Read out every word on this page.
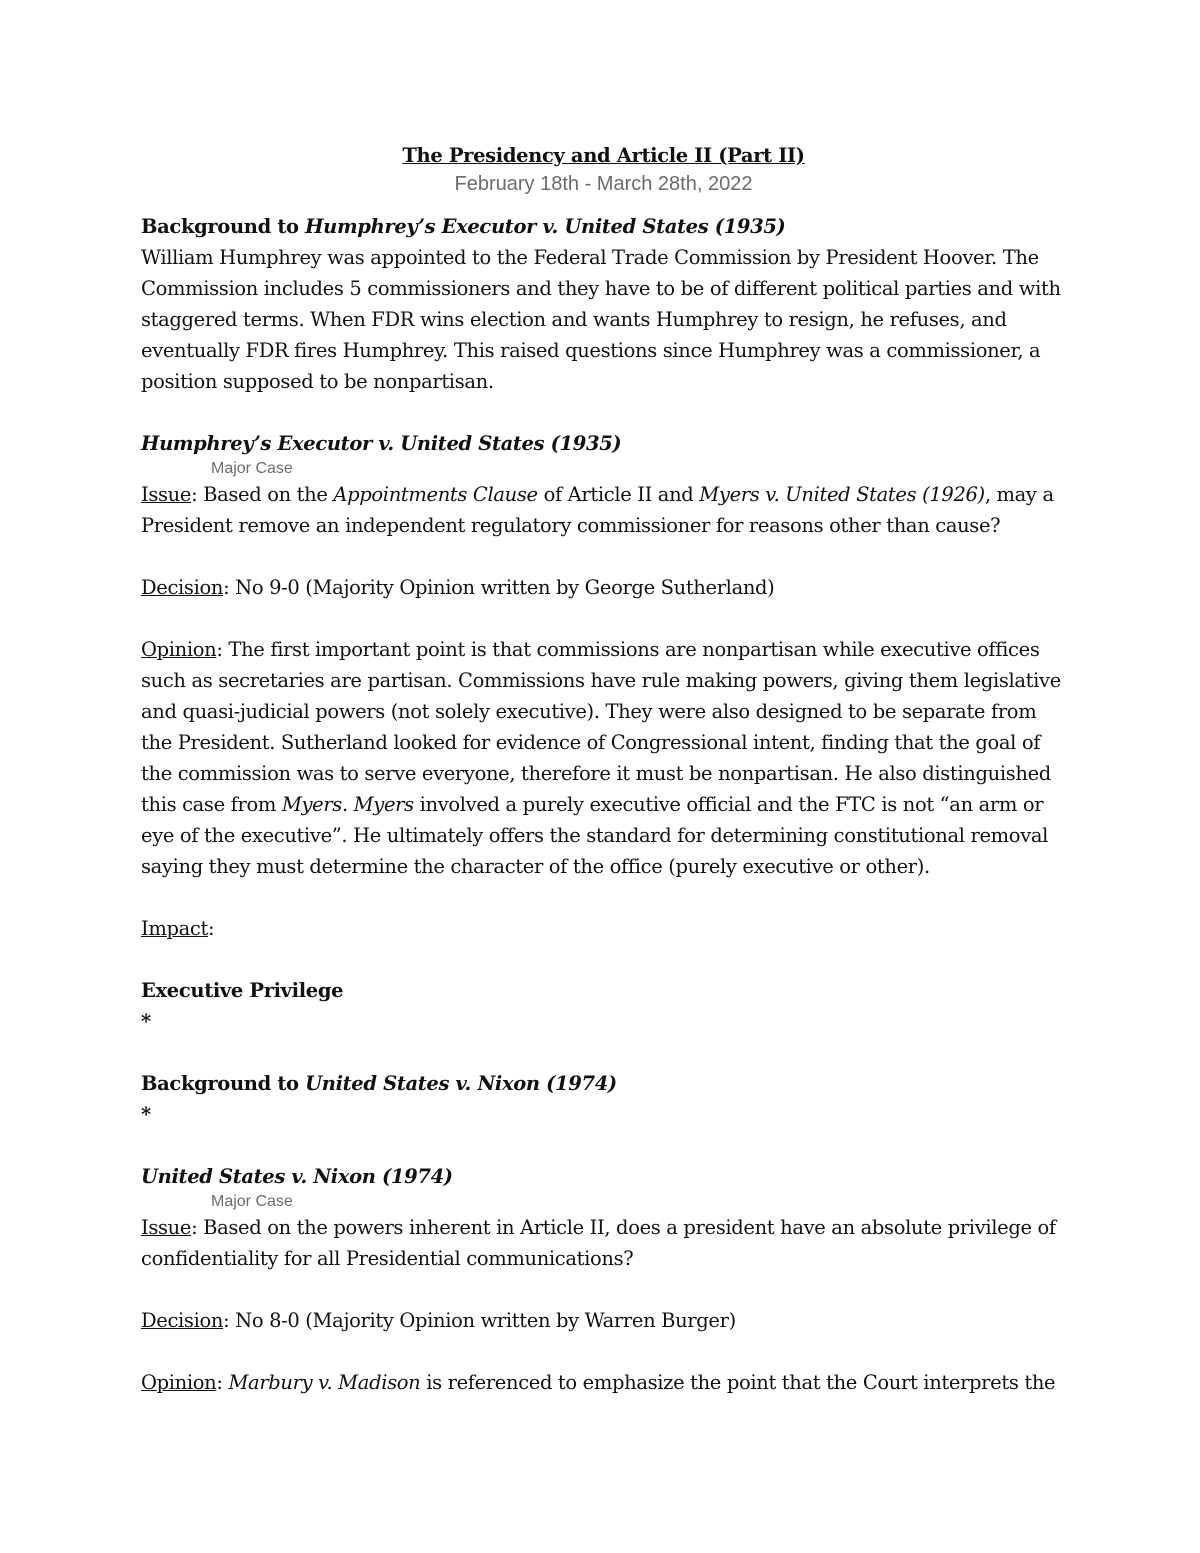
The Presidency and Article II (Part II)
February 18th - March 28th, 2022
Background to Humphrey’s Executor v. United States (1935)

William Humphrey was appointed to the Federal Trade Commission by President Hoover. The Commission includes 5 commissioners and they have to be of different political parties and with staggered terms. When FDR wins election and wants Humphrey to resign, he refuses, and eventually FDR fires Humphrey. This raised questions since Humphrey was a commissioner, a position supposed to be nonpartisan.

Humphrey’s Executor v. United States (1935)
Major Case

Issue: Based on the Appointments Clause of Article II and Myers v. United States (1926), may a President remove an independent regulatory commissioner for reasons other than cause?

Decision: No 9-0 (Majority Opinion written by George Sutherland)

Opinion: The first important point is that commissions are nonpartisan while executive offices such as secretaries are partisan. Commissions have rule making powers, giving them legislative and quasi-judicial powers (not solely executive). They were also designed to be separate from the President. Sutherland looked for evidence of Congressional intent, finding that the goal of the commission was to serve everyone, therefore it must be nonpartisan. He also distinguished this case from Myers. Myers involved a purely executive official and the FTC is not “an arm or eye of the executive”. He ultimately offers the standard for determining constitutional removal saying they must determine the character of the office (purely executive or other).

Impact:

Executive Privilege
*
Background to United States v. Nixon (1974)
*
United States v. Nixon (1974)
Major Case

Issue: Based on the powers inherent in Article II, does a president have an absolute privilege of confidentiality for all Presidential communications?

Decision: No 8-0 (Majority Opinion written by Warren Burger)

Opinion: Marbury v. Madison is referenced to emphasize the point that the Court interprets the
